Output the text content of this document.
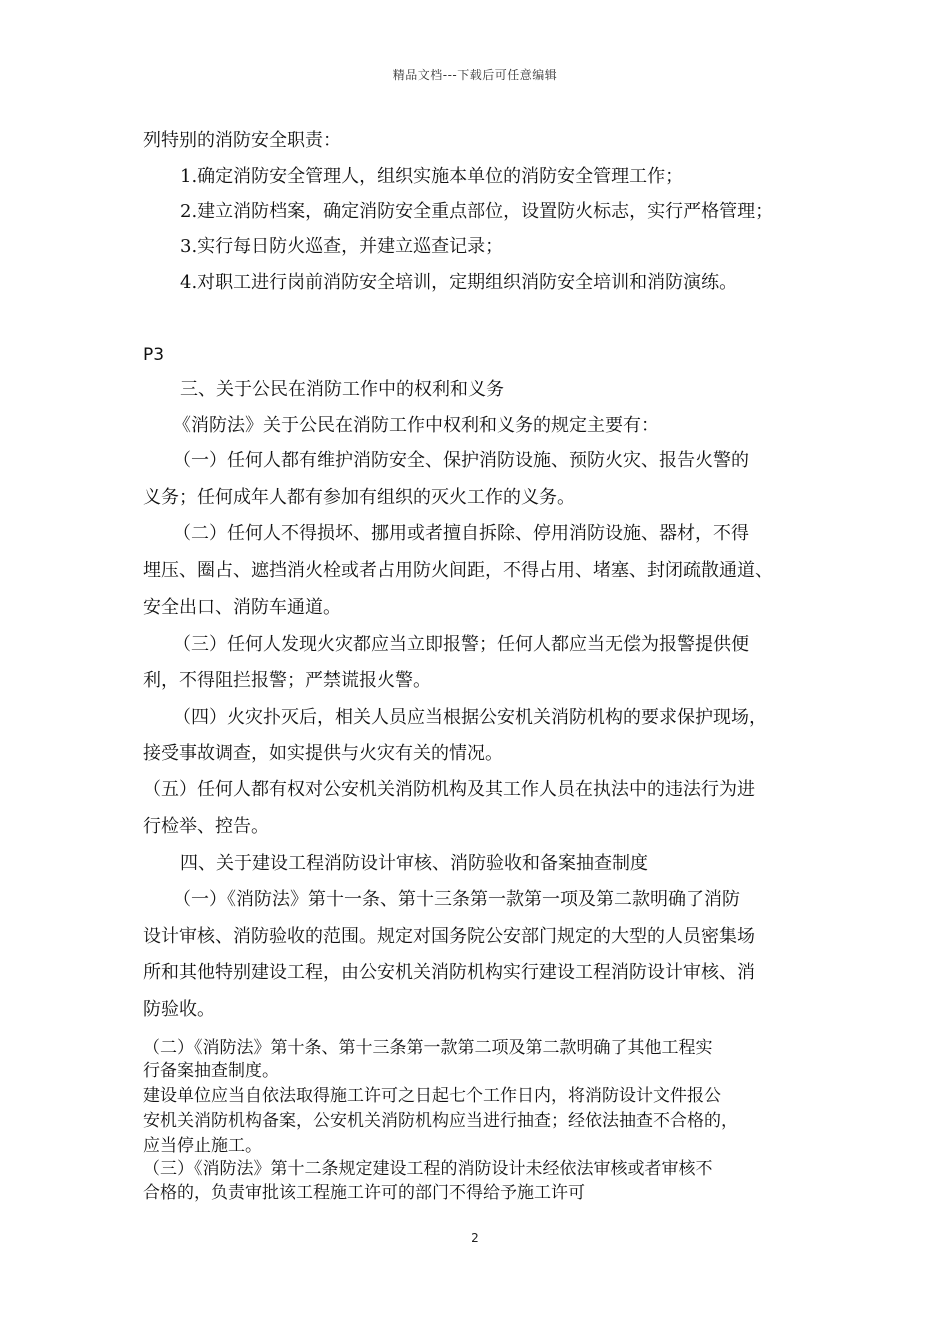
精品文档---下载后可任意编辑
列特别的消防安全职责：
1.确定消防安全管理人，组织实施本单位的消防安全管理工作；
2.建立消防档案，确定消防安全重点部位，设置防火标志，实行严格管理；
3.实行每日防火巡查，并建立巡查记录；
4.对职工进行岗前消防安全培训，定期组织消防安全培训和消防演练。
P3
三、关于公民在消防工作中的权利和义务
《消防法》关于公民在消防工作中权利和义务的规定主要有：
（一）任何人都有维护消防安全、保护消防设施、预防火灾、报告火警的
义务；任何成年人都有参加有组织的灭火工作的义务。
（二）任何人不得损坏、挪用或者擅自拆除、停用消防设施、器材，不得
埋压、圈占、遮挡消火栓或者占用防火间距，不得占用、堵塞、封闭疏散通道、
安全出口、消防车通道。
（三）任何人发现火灾都应当立即报警；任何人都应当无偿为报警提供便
利，不得阻拦报警；严禁谎报火警。
（四）火灾扑灭后，相关人员应当根据公安机关消防机构的要求保护现场，
接受事故调查，如实提供与火灾有关的情况。
（五）任何人都有权对公安机关消防机构及其工作人员在执法中的违法行为进
行检举、控告。
四、关于建设工程消防设计审核、消防验收和备案抽查制度
（一）《消防法》第十一条、第十三条第一款第一项及第二款明确了消防
设计审核、消防验收的范围。规定对国务院公安部门规定的大型的人员密集场
所和其他特别建设工程，由公安机关消防机构实行建设工程消防设计审核、消
防验收。
（二）《消防法》第十条、第十三条第一款第二项及第二款明确了其他工程实
行备案抽查制度。
建设单位应当自依法取得施工许可之日起七个工作日内，将消防设计文件报公
安机关消防机构备案，公安机关消防机构应当进行抽查；经依法抽查不合格的，
应当停止施工。
（三）《消防法》第十二条规定建设工程的消防设计未经依法审核或者审核不
合格的，负责审批该工程施工许可的部门不得给予施工许可
2
